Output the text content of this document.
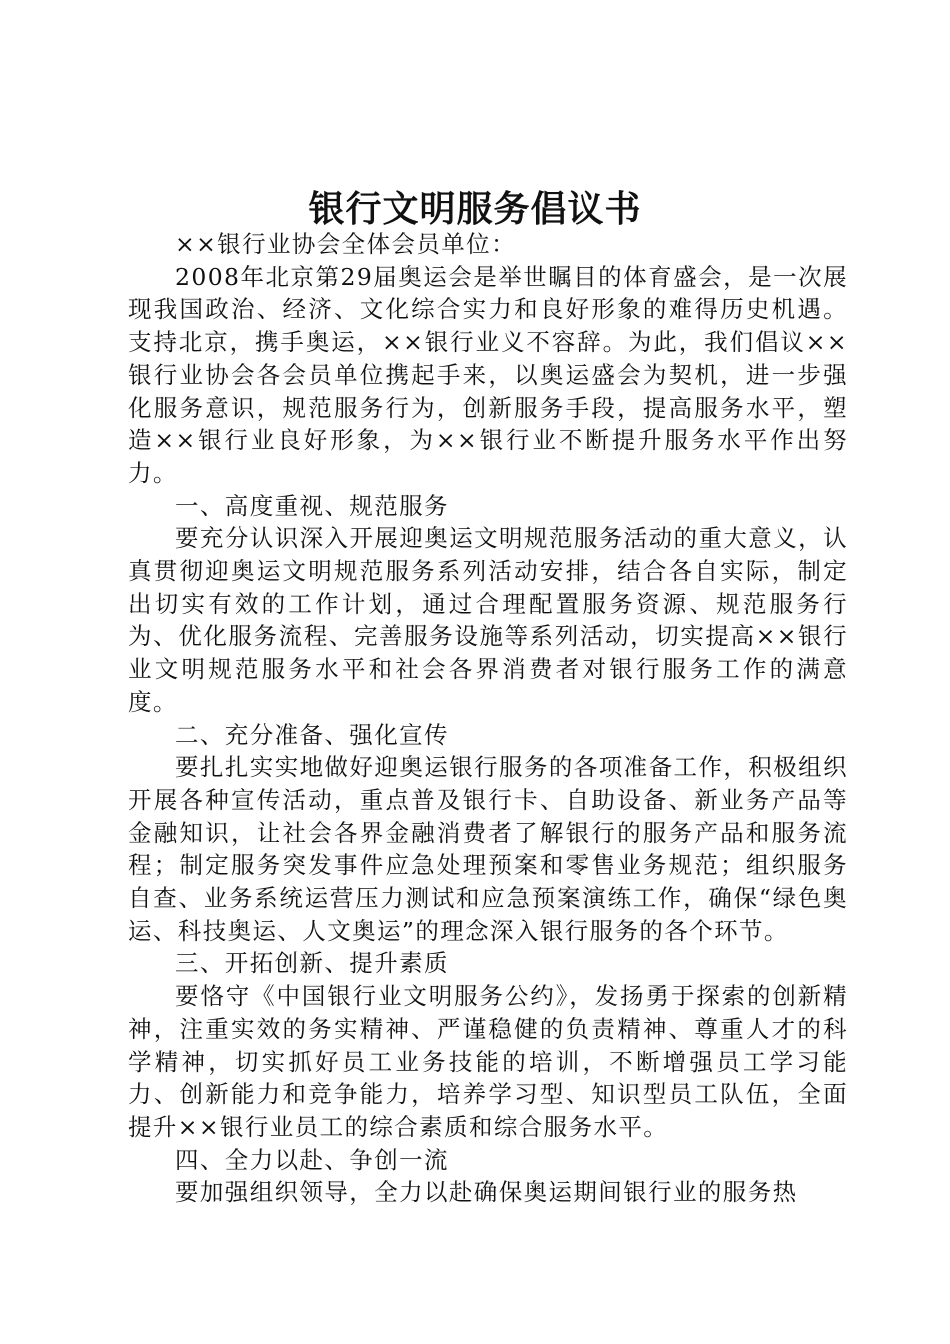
银行文明服务倡议书

××银行业协会全体会员单位：

2008年北京第29届奥运会是举世瞩目的体育盛会，是一次展现我国政治、经济、文化综合实力和良好形象的难得历史机遇。支持北京，携手奥运，××银行业义不容辞。为此，我们倡议××银行业协会各会员单位携起手来，以奥运盛会为契机，进一步强化服务意识，规范服务行为，创新服务手段，提高服务水平，塑造××银行业良好形象，为××银行业不断提升服务水平作出努力。

一、高度重视、规范服务

要充分认识深入开展迎奥运文明规范服务活动的重大意义，认真贯彻迎奥运文明规范服务系列活动安排，结合各自实际，制定出切实有效的工作计划，通过合理配置服务资源、规范服务行为、优化服务流程、完善服务设施等系列活动，切实提高××银行业文明规范服务水平和社会各界消费者对银行服务工作的满意度。

二、充分准备、强化宣传

要扎扎实实地做好迎奥运银行服务的各项准备工作，积极组织开展各种宣传活动，重点普及银行卡、自助设备、新业务产品等金融知识，让社会各界金融消费者了解银行的服务产品和服务流程；制定服务突发事件应急处理预案和零售业务规范；组织服务自查、业务系统运营压力测试和应急预案演练工作，确保“绿色奥运、科技奥运、人文奥运”的理念深入银行服务的各个环节。

三、开拓创新、提升素质

要恪守《中国银行业文明服务公约》，发扬勇于探索的创新精神，注重实效的务实精神、严谨稳健的负责精神、尊重人才的科学精神，切实抓好员工业务技能的培训，不断增强员工学习能力、创新能力和竞争能力，培养学习型、知识型员工队伍，全面提升××银行业员工的综合素质和综合服务水平。

四、全力以赴、争创一流

要加强组织领导，全力以赴确保奥运期间银行业的服务热
